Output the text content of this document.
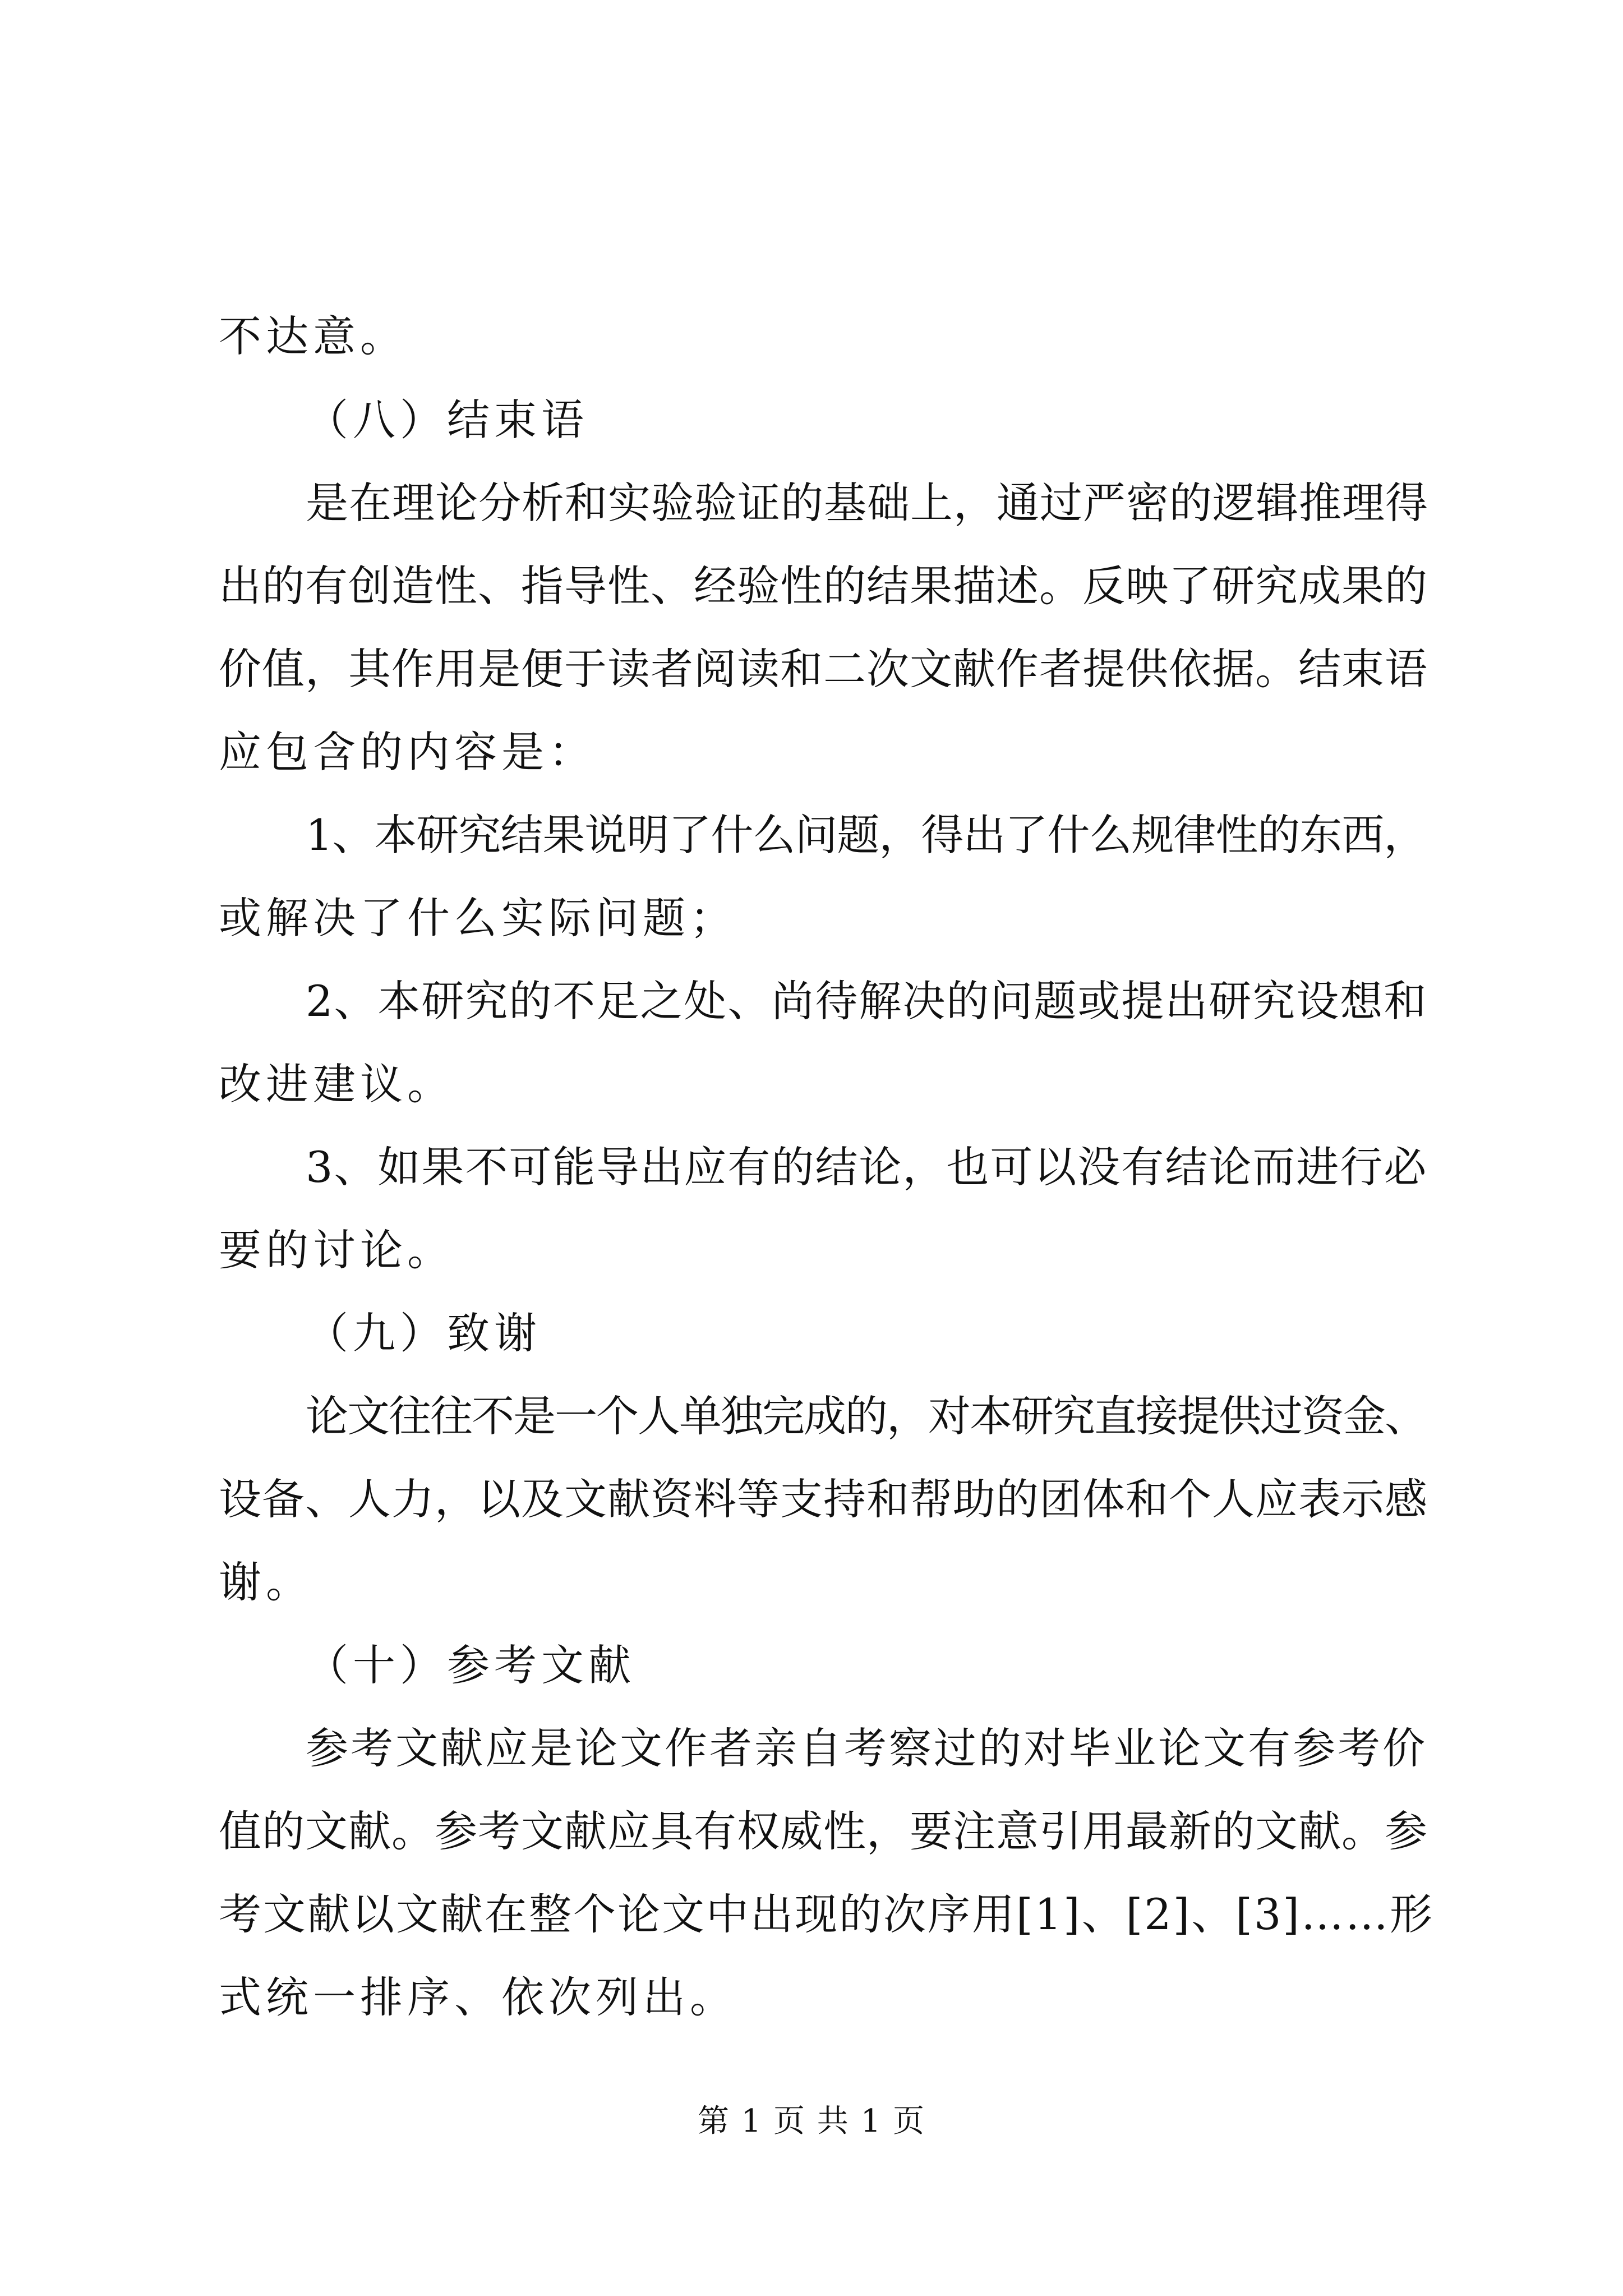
不达意。
（八）结束语
是在理论分析和实验验证的基础上，通过严密的逻辑推理得
出的有创造性、指导性、经验性的结果描述。反映了研究成果的
价值，其作用是便于读者阅读和二次文献作者提供依据。结束语
应包含的内容是：
1、本研究结果说明了什么问题，得出了什么规律性的东西，
或解决了什么实际问题；
2、本研究的不足之处、尚待解决的问题或提出研究设想和
改进建议。
3、如果不可能导出应有的结论，也可以没有结论而进行必
要的讨论。
（九）致谢
论文往往不是一个人单独完成的，对本研究直接提供过资金、
设备、人力，以及文献资料等支持和帮助的团体和个人应表示感
谢。
（十）参考文献
参考文献应是论文作者亲自考察过的对毕业论文有参考价
值的文献。参考文献应具有权威性，要注意引用最新的文献。参
考文献以文献在整个论文中出现的次序用[1]、[2]、[3]……形
式统一排序、依次列出。
第 1 页 共 1 页
